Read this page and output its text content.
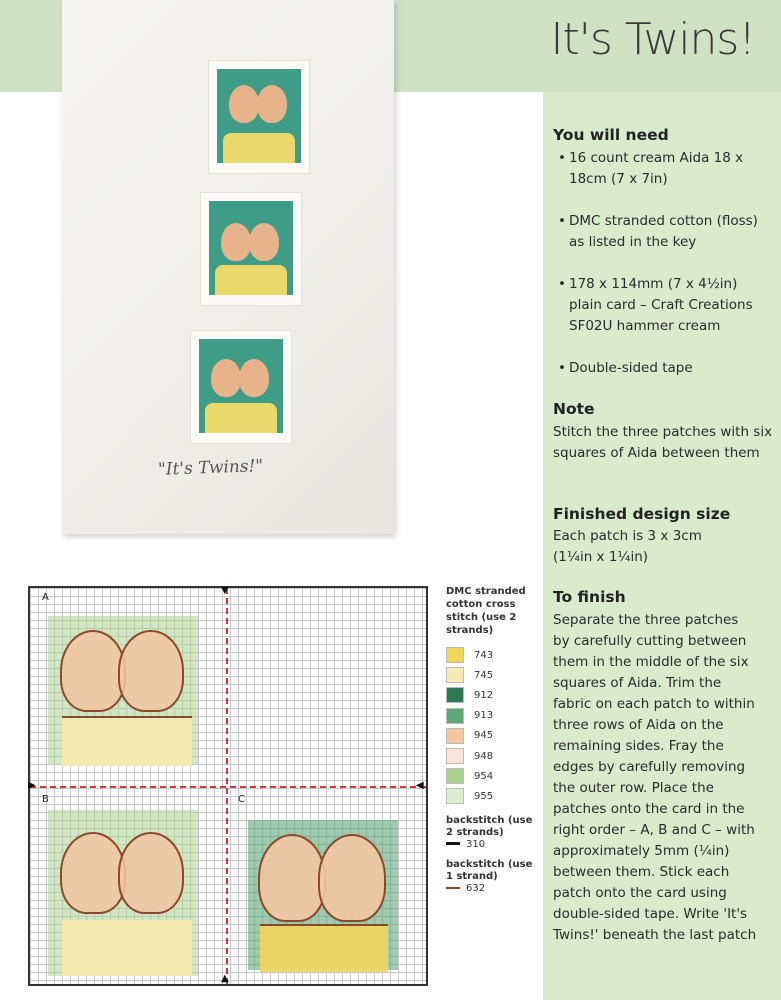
It's Twins!

"It's Twins!"

▼
▲
▶	◀
A
B	C

DMC stranded cotton cross stitch (use 2 strands)

743
745
912
913
945
948
954
955
backstitch (use 2 strands)
310
backstitch (use 1 strand)
632
You will need
• 16 count cream Aida 18 x 18cm (7 x 7in)
• DMC stranded cotton (floss) as listed in the key
• 178 x 114mm (7 x 4½in) plain card – Craft Creations SF02U hammer cream
• Double-sided tape
Note
Stitch the three patches with six squares of Aida between them
Finished design size
Each patch is 3 x 3cm (1¼in x 1¼in)
To finish
Separate the three patches by carefully cutting between them in the middle of the six squares of Aida. Trim the fabric on each patch to within three rows of Aida on the remaining sides. Fray the edges by carefully removing the outer row. Place the patches onto the card in the right order – A, B and C – with approximately 5mm (¼in) between them. Stick each patch onto the card using double-sided tape. Write 'It's Twins!' beneath the last patch
